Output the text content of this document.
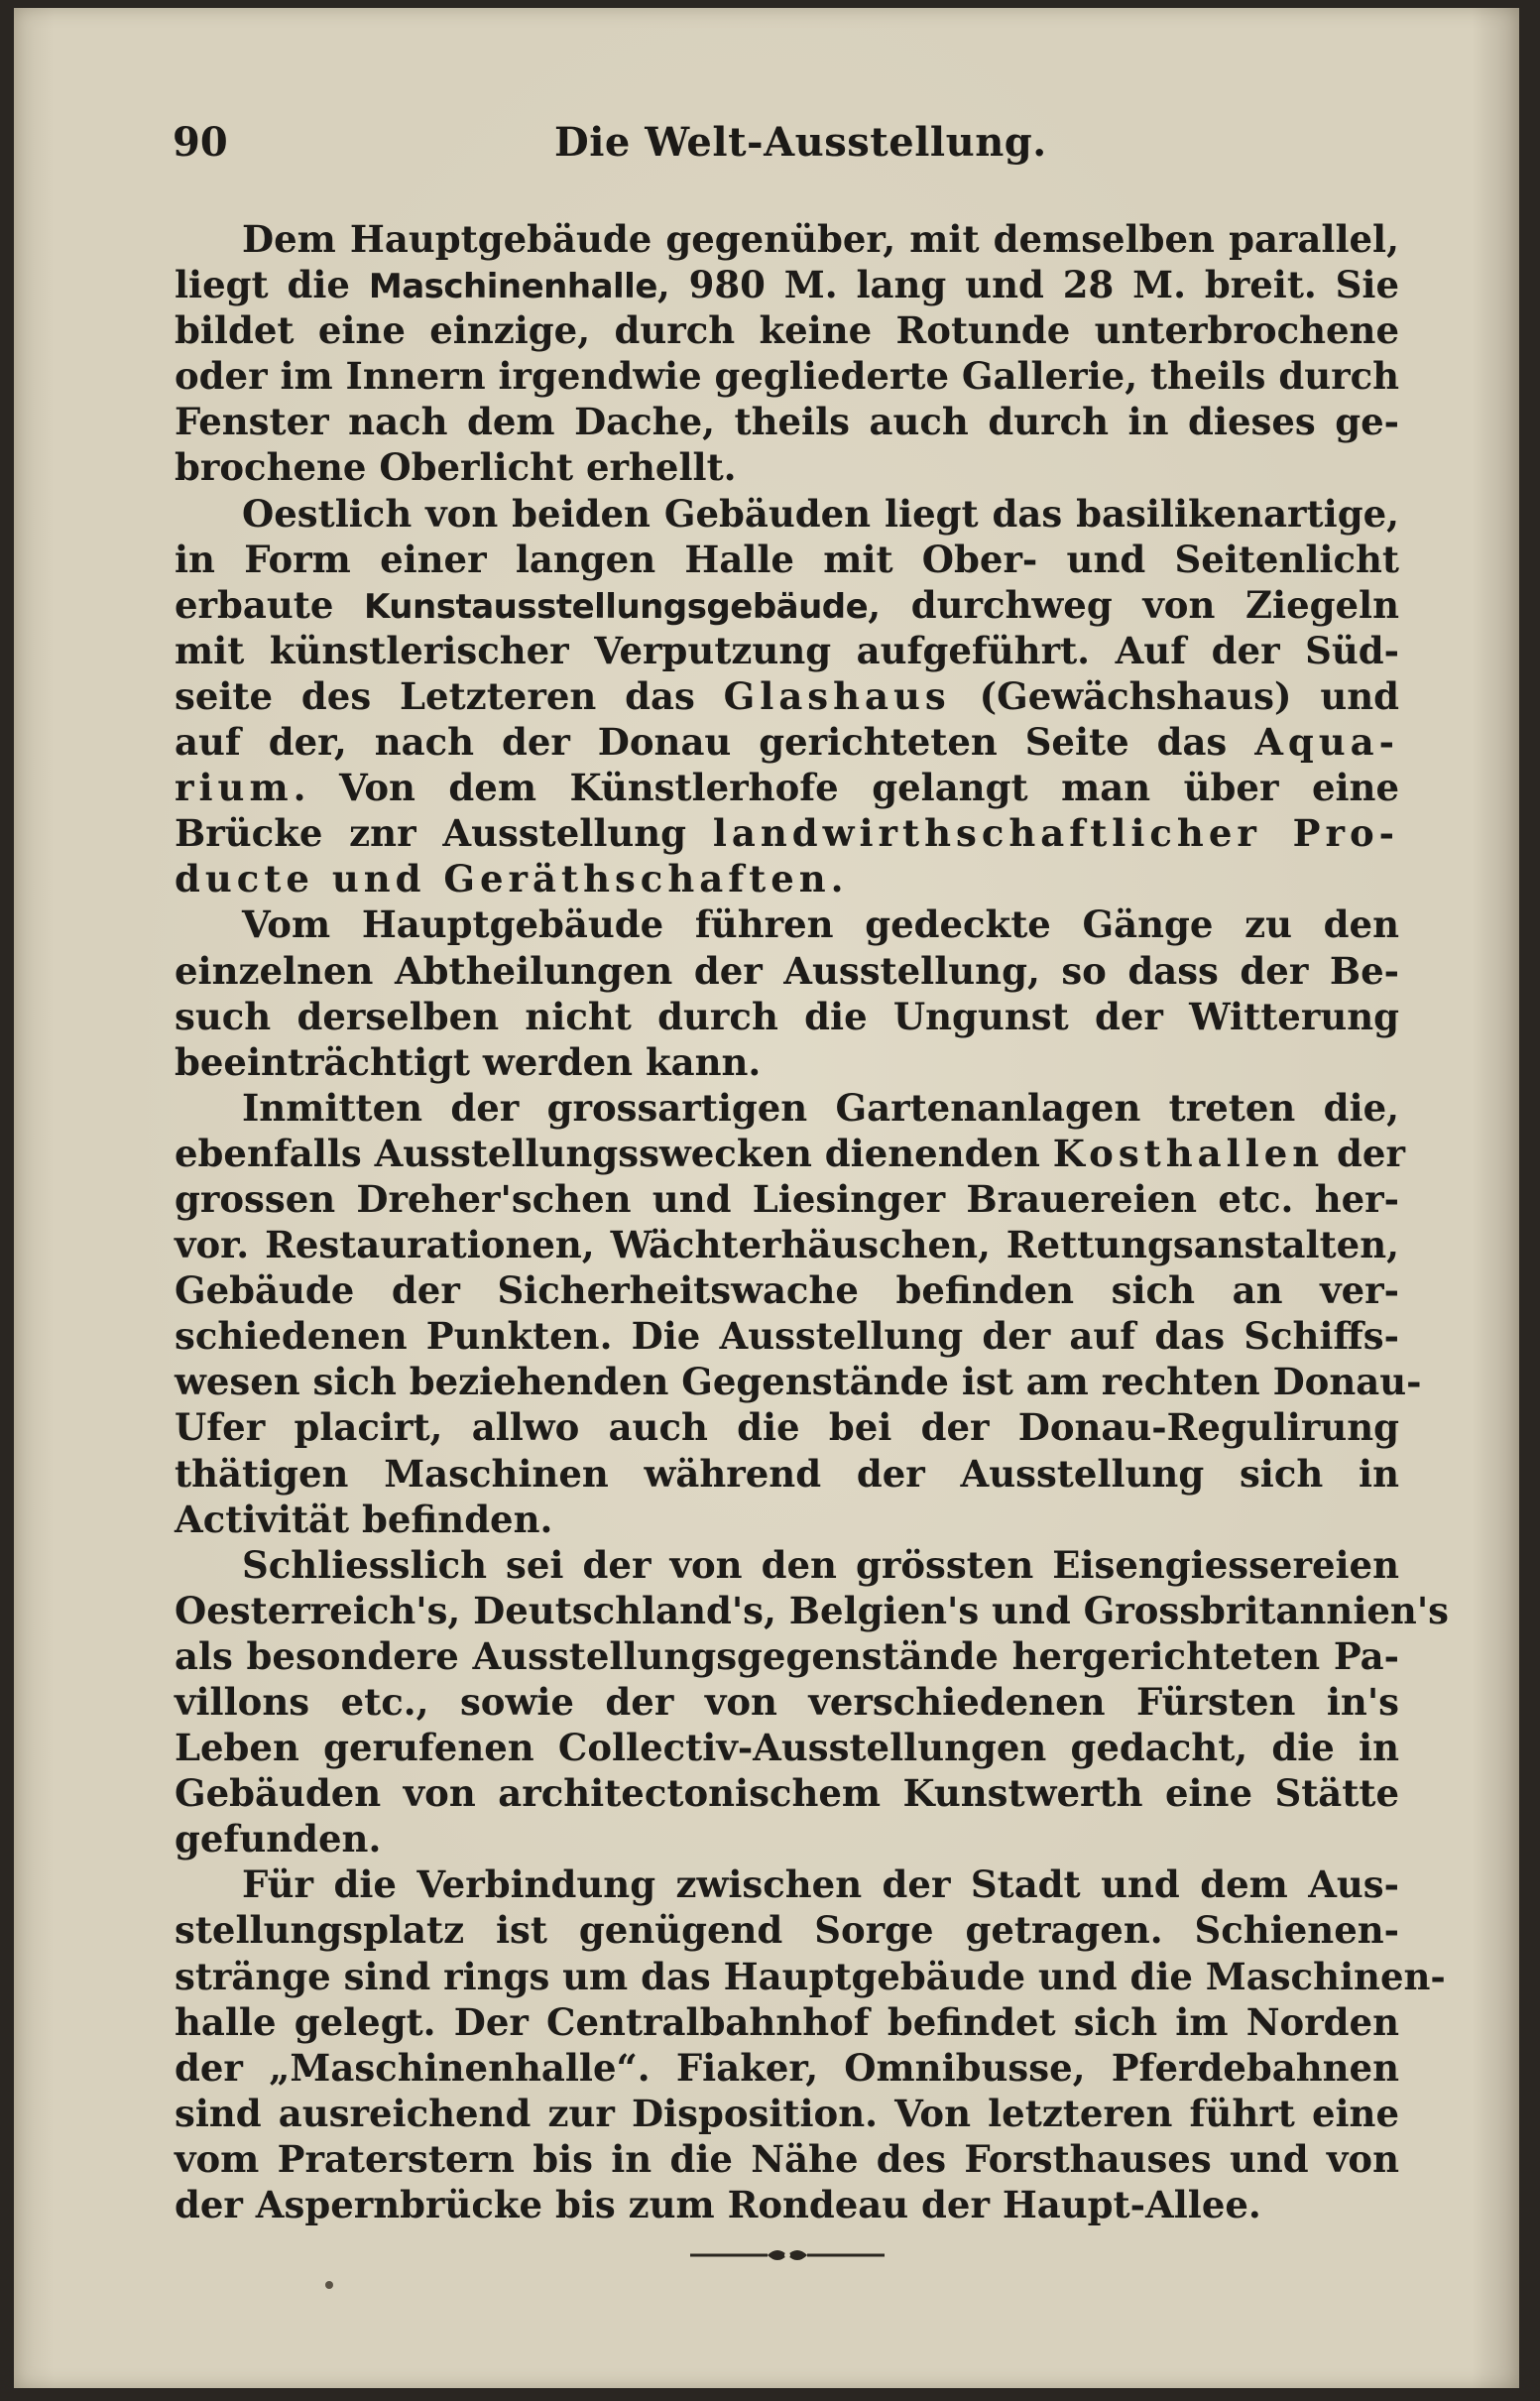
90	Die Welt-Ausstellung.
Dem Hauptgebäude gegenüber, mit demselben parallel,
liegt die Maschinenhalle, 980 M. lang und 28 M. breit. Sie
bildet eine einzige, durch keine Rotunde unterbrochene
oder im Innern irgendwie gegliederte Gallerie, theils durch
Fenster nach dem Dache, theils auch durch in dieses ge-
brochene Oberlicht erhellt.
Oestlich von beiden Gebäuden liegt das basilikenartige,
in Form einer langen Halle mit Ober- und Seitenlicht
erbaute Kunstausstellungsgebäude, durchweg von Ziegeln
mit künstlerischer Verputzung aufgeführt. Auf der Süd-
seite des Letzteren das Glashaus (Gewächshaus) und
auf der, nach der Donau gerichteten Seite das Aqua-
rium. Von dem Künstlerhofe gelangt man über eine
Brücke znr Ausstellung landwirthschaftlicher Pro-
ducte und Geräthschaften.
Vom Hauptgebäude führen gedeckte Gänge zu den
einzelnen Abtheilungen der Ausstellung, so dass der Be-
such derselben nicht durch die Ungunst der Witterung
beeinträchtigt werden kann.
Inmitten der grossartigen Gartenanlagen treten die,
ebenfalls Ausstellungsswecken dienenden Kosthallen der
grossen Dreher'schen und Liesinger Brauereien etc. her-
vor. Restaurationen, Wächterhäuschen, Rettungsanstalten,
Gebäude der Sicherheitswache befinden sich an ver-
schiedenen Punkten. Die Ausstellung der auf das Schiffs-
wesen sich beziehenden Gegenstände ist am rechten Donau-
Ufer placirt, allwo auch die bei der Donau-Regulirung
thätigen Maschinen während der Ausstellung sich in
Activität befinden.
Schliesslich sei der von den grössten Eisengiessereien
Oesterreich's, Deutschland's, Belgien's und Grossbritannien's
als besondere Ausstellungsgegenstände hergerichteten Pa-
villons etc., sowie der von verschiedenen Fürsten in's
Leben gerufenen Collectiv-Ausstellungen gedacht, die in
Gebäuden von architectonischem Kunstwerth eine Stätte
gefunden.
Für die Verbindung zwischen der Stadt und dem Aus-
stellungsplatz ist genügend Sorge getragen. Schienen-
stränge sind rings um das Hauptgebäude und die Maschinen-
halle gelegt. Der Centralbahnhof befindet sich im Norden
der „Maschinenhalle“. Fiaker, Omnibusse, Pferdebahnen
sind ausreichend zur Disposition. Von letzteren führt eine
vom Praterstern bis in die Nähe des Forsthauses und von
der Aspernbrücke bis zum Rondeau der Haupt-Allee.
